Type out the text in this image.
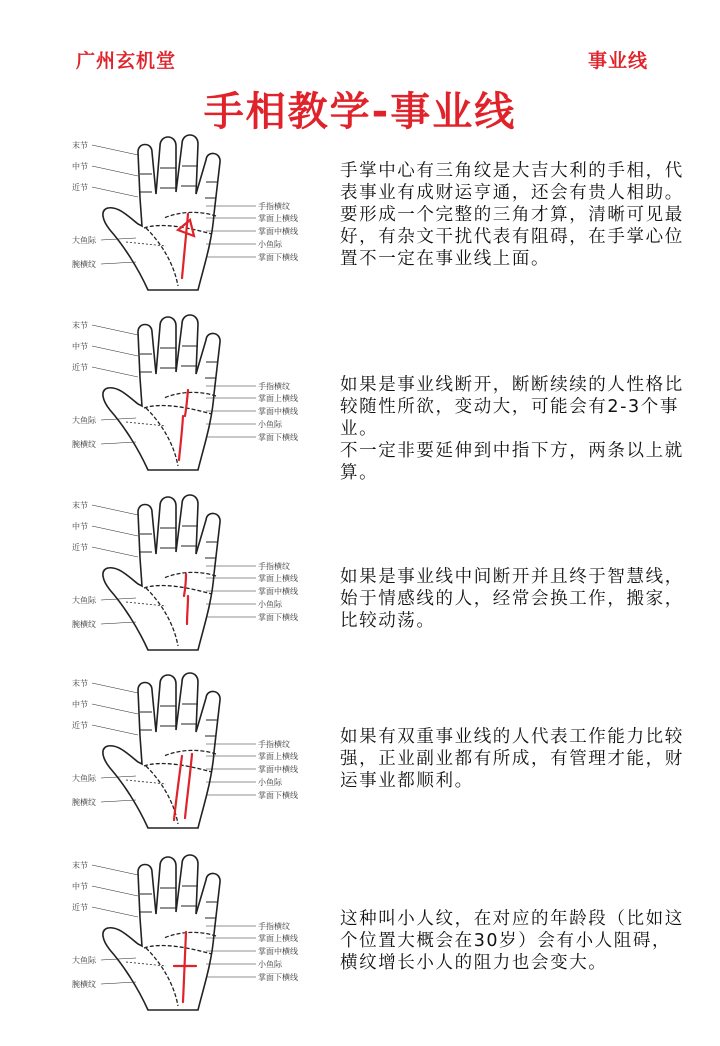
广州玄机堂	事业线
手相教学-事业线
末节
中节
近节
大鱼际
腕横纹
手指横纹
掌面上横线
掌面中横线
小鱼际
掌面下横线
手掌中心有三角纹是大吉大利的手相，代表事业有成财运亨通，还会有贵人相助。要形成一个完整的三角才算，清晰可见最好，有杂文干扰代表有阻碍，在手掌心位置不一定在事业线上面。
末节
中节
近节
大鱼际
腕横纹
手指横纹
掌面上横线
掌面中横线
小鱼际
掌面下横线
如果是事业线断开，断断续续的人性格比较随性所欲，变动大，可能会有2-3个事业。
不一定非要延伸到中指下方，两条以上就算。
末节
中节
近节
大鱼际
腕横纹
手指横纹
掌面上横线
掌面中横线
小鱼际
掌面下横线
如果是事业线中间断开并且终于智慧线，始于情感线的人，经常会换工作，搬家，比较动荡。
末节
中节
近节
大鱼际
腕横纹
手指横纹
掌面上横线
掌面中横线
小鱼际
掌面下横线
如果有双重事业线的人代表工作能力比较强，正业副业都有所成，有管理才能，财运事业都顺利。
末节
中节
近节
大鱼际
腕横纹
手指横纹
掌面上横线
掌面中横线
小鱼际
掌面下横线
这种叫小人纹，在对应的年龄段（比如这个位置大概会在30岁）会有小人阻碍，横纹增长小人的阻力也会变大。
